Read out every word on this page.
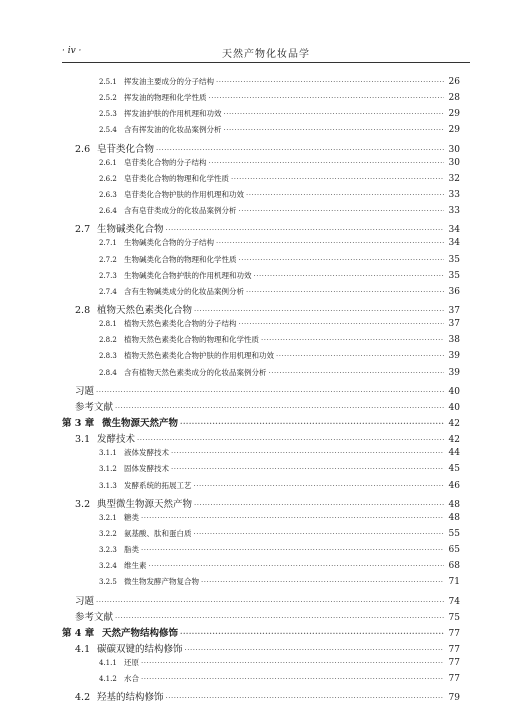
· iv ·	天然产物化妆品学
2.5.1 挥发油主要成分的分子结构 ·····	26
2.5.2 挥发油的物理和化学性质 ·····	28
2.5.3 挥发油护肤的作用机理和功效 ·····	29
2.5.4 含有挥发油的化妆品案例分析 ·····	29
2.6 皂苷类化合物 ·····	30
2.6.1 皂苷类化合物的分子结构 ·····	30
2.6.2 皂苷类化合物的物理和化学性质 ·····	32
2.6.3 皂苷类化合物护肤的作用机理和功效 ·····	33
2.6.4 含有皂苷类成分的化妆品案例分析 ·····	33
2.7 生物碱类化合物 ·····	34
2.7.1 生物碱类化合物的分子结构 ·····	34
2.7.2 生物碱类化合物的物理和化学性质 ·····	35
2.7.3 生物碱类化合物护肤的作用机理和功效 ·····	35
2.7.4 含有生物碱类成分的化妆品案例分析 ·····	36
2.8 植物天然色素类化合物 ·····	37
2.8.1 植物天然色素类化合物的分子结构 ·····	37
2.8.2 植物天然色素类化合物的物理和化学性质 ·····	38
2.8.3 植物天然色素类化合物护肤的作用机理和功效 ·····	39
2.8.4 含有植物天然色素类成分的化妆品案例分析 ·····	39
习题 ·····	40
参考文献 ·····	40
第 3 章 微生物源天然产物 ·····	42
3.1 发酵技术 ·····	42
3.1.1 液体发酵技术 ·····	44
3.1.2 固体发酵技术 ·····	45
3.1.3 发酵系统的拓展工艺 ·····	46
3.2 典型微生物源天然产物 ·····	48
3.2.1 糖类 ·····	48
3.2.2 氨基酸、肽和蛋白质 ·····	55
3.2.3 脂类 ·····	65
3.2.4 维生素 ·····	68
3.2.5 微生物发酵产物复合物 ·····	71
习题 ·····	74
参考文献 ·····	75
第 4 章 天然产物结构修饰 ·····	77
4.1 碳碳双键的结构修饰 ·····	77
4.1.1 还原 ·····	77
4.1.2 水合 ·····	77
4.2 羟基的结构修饰 ·····	79
